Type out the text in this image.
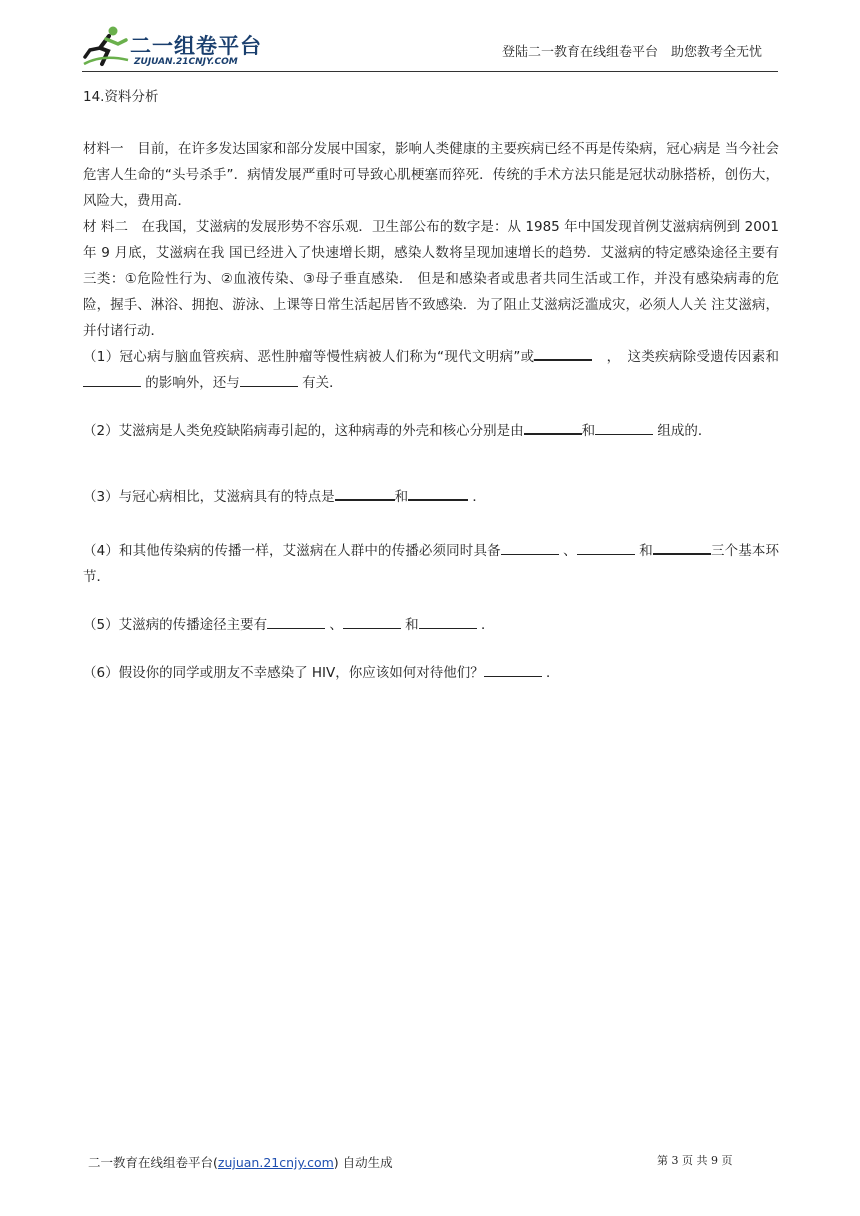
二一组卷平台
ZUJUAN.21CNJY.COM
登陆二一教育在线组卷平台　助您教考全无忧
14.资料分析

材料一　目前，在许多发达国家和部分发展中国家，影响人类健康的主要疾病已经不再是传染病，冠心病是 当今社会危害人生命的“头号杀手”．病情发展严重时可导致心肌梗塞而猝死．传统的手术方法只能是冠状动脉搭桥，创伤大，风险大，费用高．

材 料二　在我国，艾滋病的发展形势不容乐观．卫生部公布的数字是：从 1985 年中国发现首例艾滋病病例到 2001 年 9 月底，艾滋病在我 国已经进入了快速增长期，感染人数将呈现加速增长的趋势．艾滋病的特定感染途径主要有三类：①危险性行为、②血液传染、③母子垂直感染． 但是和感染者或患者共同生活或工作，并没有感染病毒的危险，握手、淋浴、拥抱、游泳、上课等日常生活起居皆不致感染．为了阻止艾滋病泛滥成灾，必须人人关 注艾滋病，并付诸行动．

（1）冠心病与脑血管疾病、恶性肿瘤等慢性病被人们称为“现代文明病”或	　，　这类疾病除受遗传因素和 的影响外，还与	有关．

（2）艾滋病是人类免疫缺陷病毒引起的，这种病毒的外壳和核心分别是由	和	组成的．

（3）与冠心病相比，艾滋病具有的特点是	和	．

（4）和其他传染病的传播一样，艾滋病在人群中的传播必须同时具备	、	和	三个基本环节．

（5）艾滋病的传播途径主要有	、	和	．

（6）假设你的同学或朋友不幸感染了 HIV，你应该如何对待他们？	．

二一教育在线组卷平台(zujuan.21cnjy.com) 自动生成	第 3 页 共 9 页
